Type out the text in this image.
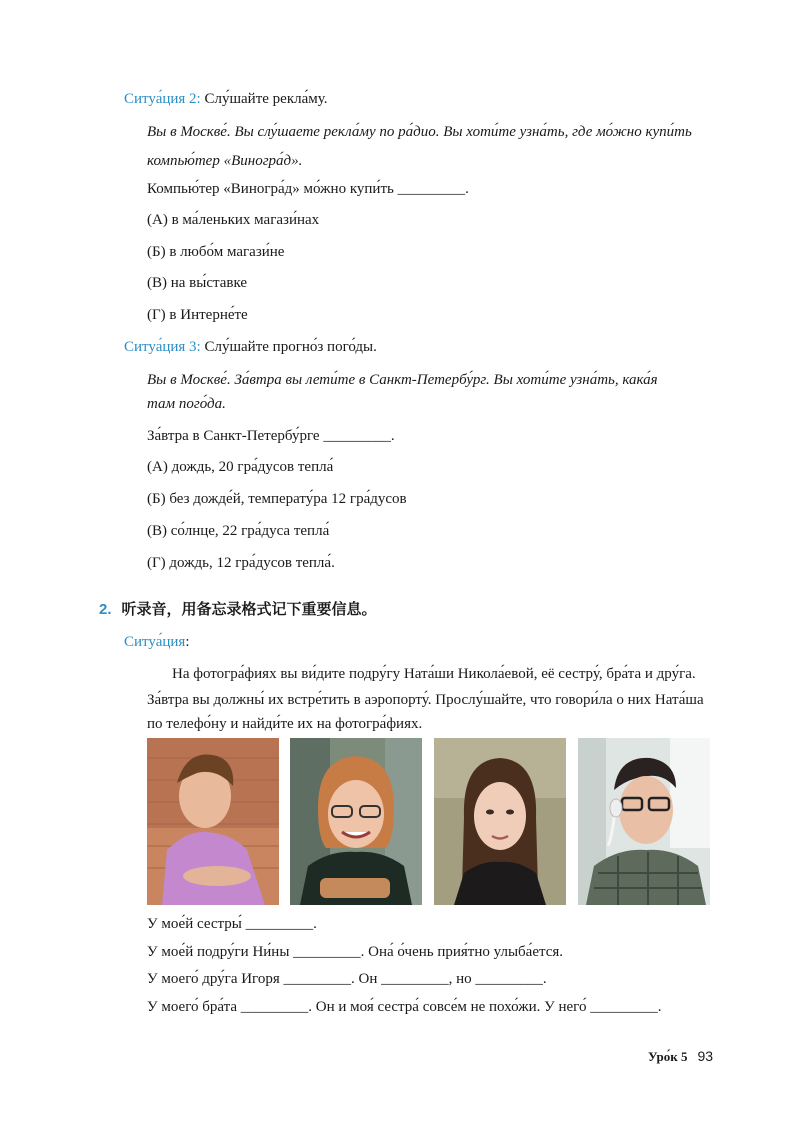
Ситуа́ция 2: Слу́шайте рекла́му.
Вы в Москве́. Вы слу́шаете рекла́му по ра́дио. Вы хоти́те узна́ть, где мо́жно купи́ть
компью́тер «Виногра́д».
Компью́тер «Виногра́д» мо́жно купи́ть _________.
(А) в ма́леньких магази́нах
(Б) в любо́м магази́не
(В) на вы́ставке
(Г) в Интерне́те
Ситуа́ция 3: Слу́шайте прогно́з пого́ды.
Вы в Москве́. За́втра вы лети́те в Санкт-Петербу́рг. Вы хоти́те узна́ть, кака́я
там пого́да.
За́втра в Санкт-Петербу́рге _________.
(А) дождь, 20 гра́дусов тепла́
(Б) без дожде́й, температу́ра 12 гра́дусов
(В) со́лнце, 22 гра́дуса тепла́
(Г) дождь, 12 гра́дусов тепла́.
2. 听录音，用备忘录格式记下重要信息。
Ситуа́ция:
На фотогра́фиях вы ви́дите подру́гу Ната́ши Никола́евой, её сестру́, бра́та и дру́га.
За́втра вы должны́ их встре́тить в аэропорту́. Прослу́шайте, что говори́ла о них Ната́ша
по телефо́ну и найди́те их на фотогра́фиях.
У мое́й сестры́ _________.
У мое́й подру́ги Ни́ны _________. Она́ о́чень прия́тно улыба́ется.
У моего́ дру́га Игоря _________. Он _________, но _________.
У моего́ бра́та _________. Он и моя́ сестра́ совсе́м не похо́жи. У него́ _________.
Уро́к 5 93
